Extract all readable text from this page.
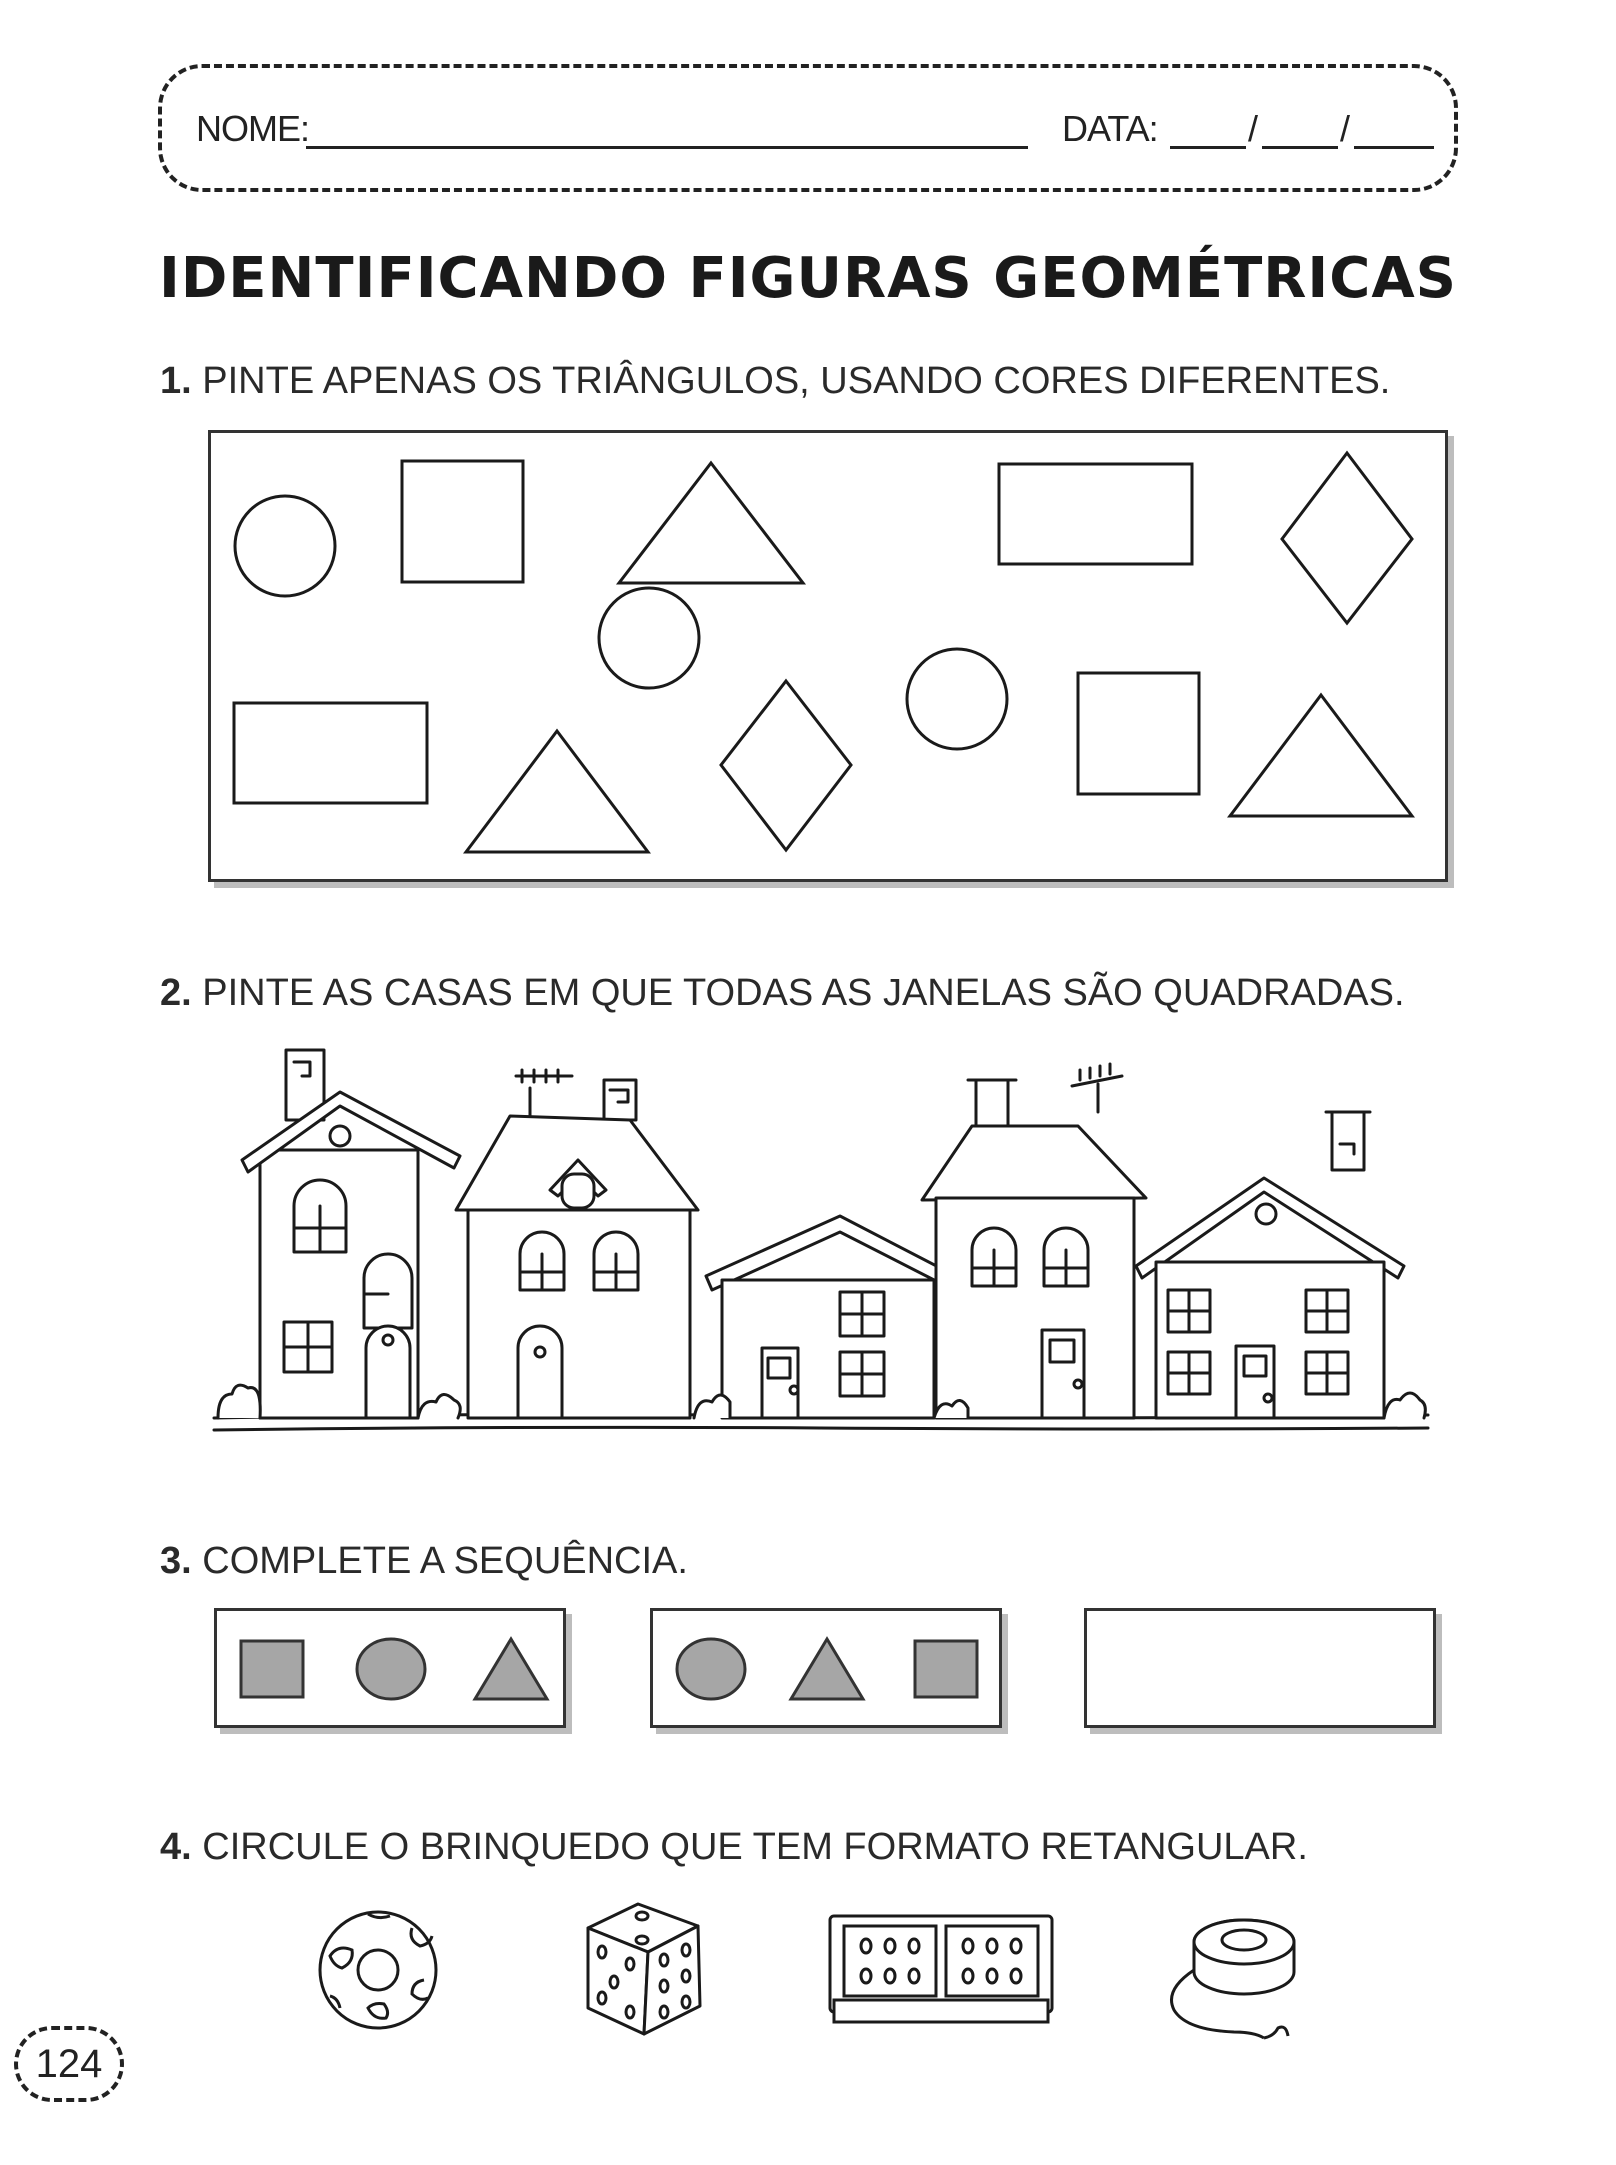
NOME:	DATA:	/ /
IDENTIFICANDO FIGURAS GEOMÉTRICAS
1. PINTE APENAS OS TRIÂNGULOS, USANDO CORES DIFERENTES.
2. PINTE AS CASAS EM QUE TODAS AS JANELAS SÃO QUADRADAS.
3. COMPLETE A SEQUÊNCIA.
4. CIRCULE O BRINQUEDO QUE TEM FORMATO RETANGULAR.
124
